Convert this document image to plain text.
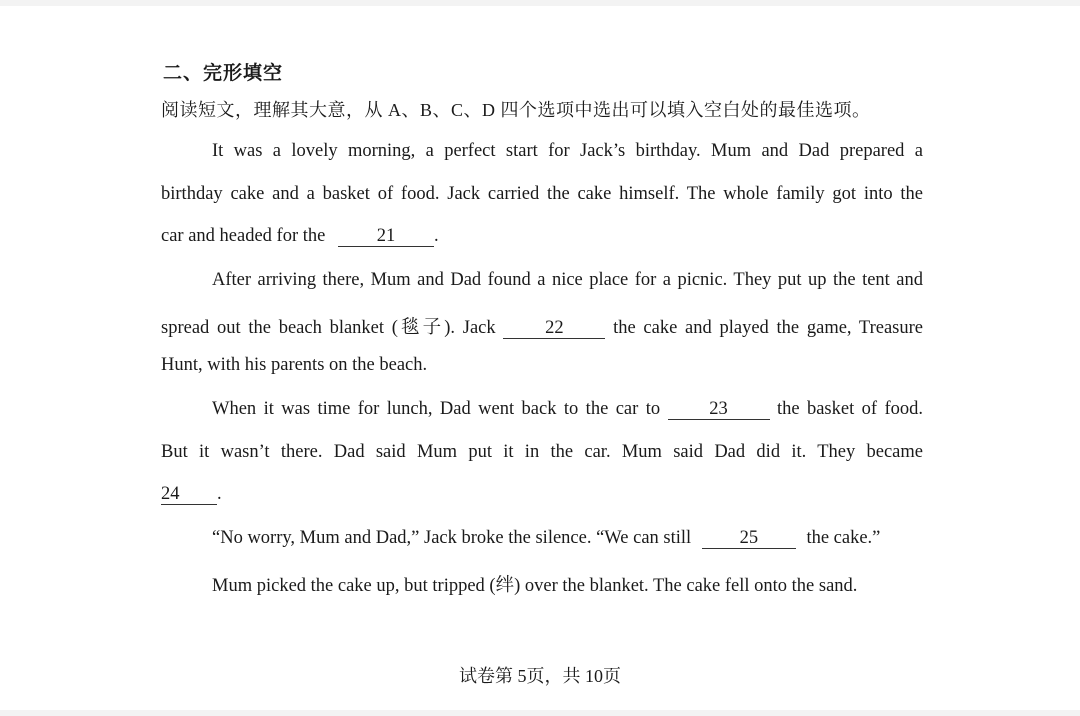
二、完形填空
阅读短文，理解其大意，从 A、B、C、D 四个选项中选出可以填入空白处的最佳选项。
It was a lovely morning, a perfect start for Jack’s birthday. Mum and Dad prepared a
birthday cake and a basket of food. Jack carried the cake himself. The whole family got into the
car and headed for the	21 .
After arriving there, Mum and Dad found a nice place for a picnic. They put up the tent and
spread out the beach blanket (毯子). Jack	22	the cake and played the game, Treasure
Hunt, with his parents on the beach.
When it was time for lunch, Dad went back to the car to	23	the basket of food.
But it wasn’t there. Dad said Mum put it in the car. Mum said Dad did it. They became
24 .
“No worry, Mum and Dad,” Jack broke the silence. “We can still	25	the cake.”
Mum picked the cake up, but tripped (绊) over the blanket. The cake fell onto the sand.
试卷第 5页，共 10页
